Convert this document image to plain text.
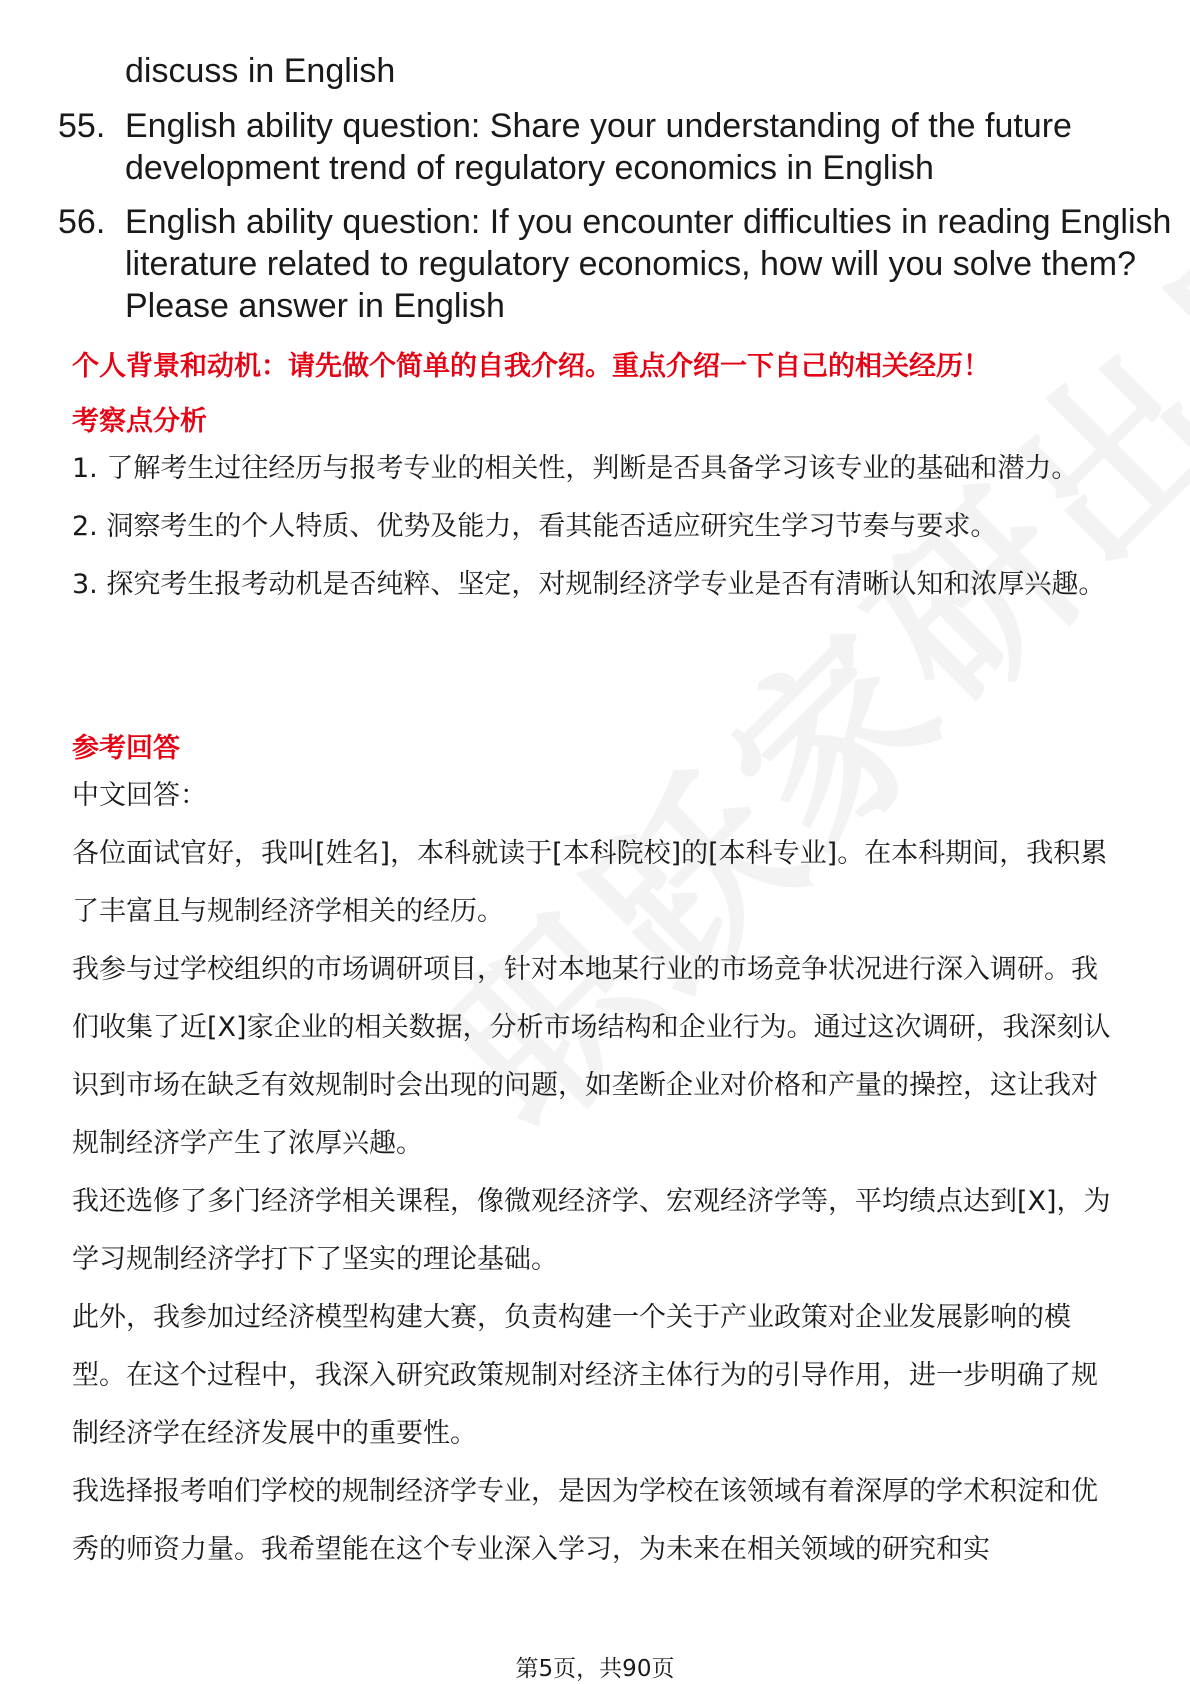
discuss in English
55. English ability question: Share your understanding of the future development trend of regulatory economics in English
56. English ability question: If you encounter difficulties in reading English literature related to regulatory economics, how will you solve them? Please answer in English
个人背景和动机：请先做个简单的自我介绍。重点介绍一下自己的相关经历！
考察点分析
1. 了解考生过往经历与报考专业的相关性，判断是否具备学习该专业的基础和潜力。
2. 洞察考生的个人特质、优势及能力，看其能否适应研究生学习节奏与要求。
3. 探究考生报考动机是否纯粹、坚定，对规制经济学专业是否有清晰认知和浓厚兴趣。
参考回答
中文回答：
各位面试官好，我叫[姓名]，本科就读于[本科院校]的[本科专业]。在本科期间，我积累了丰富且与规制经济学相关的经历。
我参与过学校组织的市场调研项目，针对本地某行业的市场竞争状况进行深入调研。我们收集了近[X]家企业的相关数据，分析市场结构和企业行为。通过这次调研，我深刻认识到市场在缺乏有效规制时会出现的问题，如垄断企业对价格和产量的操控，这让我对规制经济学产生了浓厚兴趣。
我还选修了多门经济学相关课程，像微观经济学、宏观经济学等，平均绩点达到[X]，为学习规制经济学打下了坚实的理论基础。
此外，我参加过经济模型构建大赛，负责构建一个关于产业政策对企业发展影响的模型。在这个过程中，我深入研究政策规制对经济主体行为的引导作用，进一步明确了规制经济学在经济发展中的重要性。
我选择报考咱们学校的规制经济学专业，是因为学校在该领域有着深厚的学术积淀和优秀的师资力量。我希望能在这个专业深入学习，为未来在相关领域的研究和实
第5页，共90页
